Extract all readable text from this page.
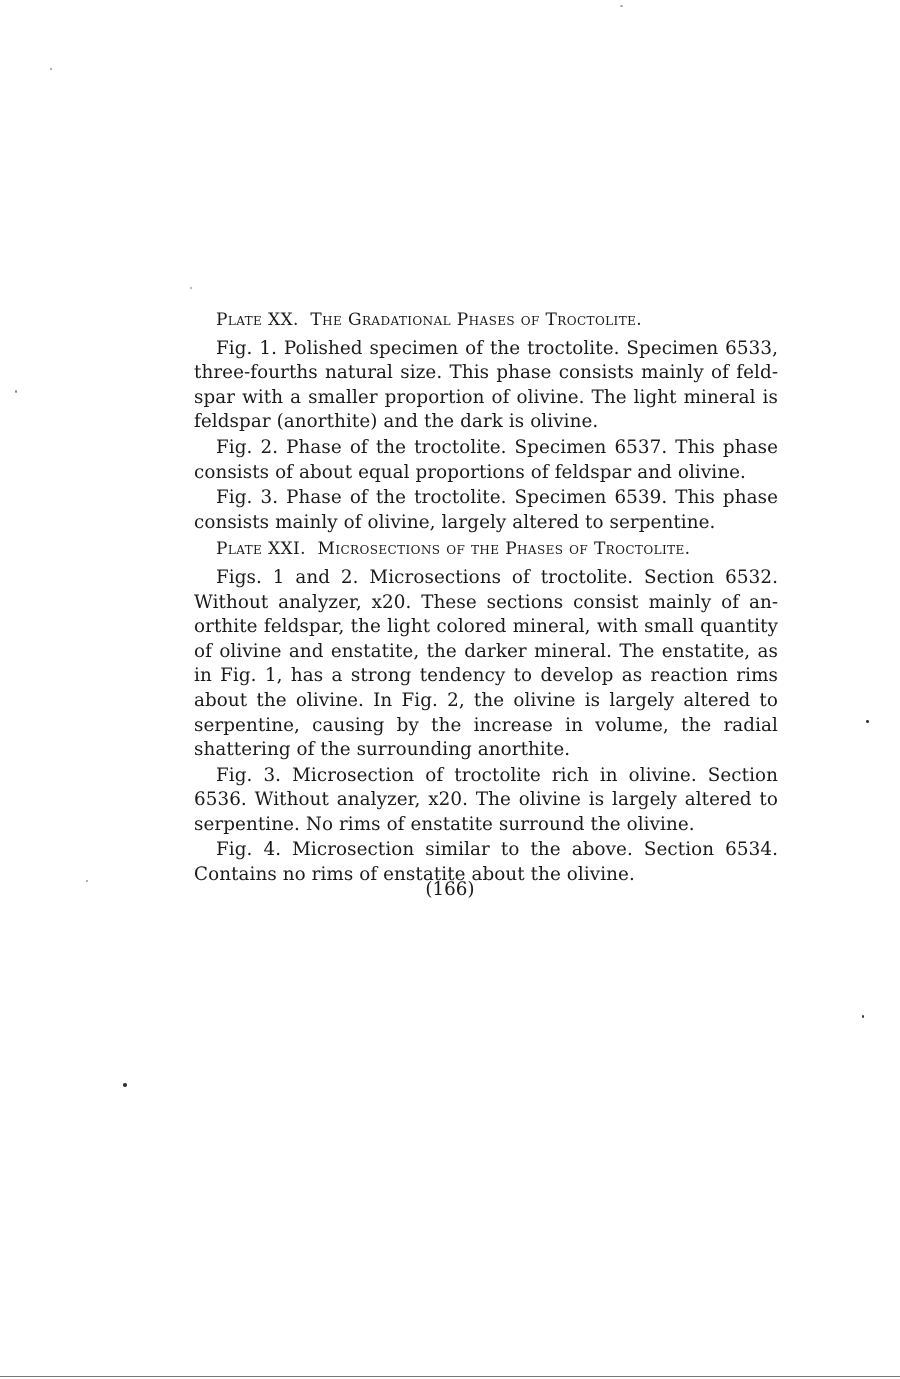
Plate XX. The Gradational Phases of Troctolite.

Fig. 1. Polished specimen of the troctolite. Specimen 6533, three-fourths natural size. This phase consists mainly of feldspar with a smaller proportion of olivine. The light mineral is feldspar (anorthite) and the dark is olivine.

Fig. 2. Phase of the troctolite. Specimen 6537. This phase consists of about equal proportions of feldspar and olivine.

Fig. 3. Phase of the troctolite. Specimen 6539. This phase consists mainly of olivine, largely altered to serpentine.

Plate XXI. Microsections of the Phases of Troctolite.

Figs. 1 and 2. Microsections of troctolite. Section 6532. Without analyzer, x20. These sections consist mainly of anorthite feldspar, the light colored mineral, with small quantity of olivine and enstatite, the darker mineral. The enstatite, as in Fig. 1, has a strong tendency to develop as reaction rims about the olivine. In Fig. 2, the olivine is largely altered to serpentine, causing by the increase in volume, the radial shattering of the surrounding anorthite.

Fig. 3. Microsection of troctolite rich in olivine. Section 6536. Without analyzer, x20. The olivine is largely altered to serpentine. No rims of enstatite surround the olivine.

Fig. 4. Microsection similar to the above. Section 6534. Contains no rims of enstatite about the olivine.

(166)
